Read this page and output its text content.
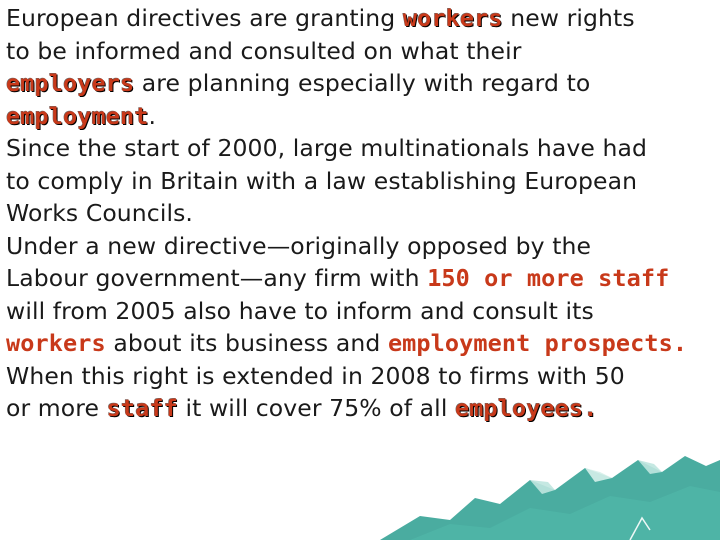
European directives are granting workers new rights
to be informed and consulted on what their
employers are planning especially with regard to
employment.
Since the start of 2000, large multinationals have had
to comply in Britain with a law establishing European
Works Councils.
Under a new directive—originally opposed by the
Labour government—any firm with 150 or more staff
will from 2005 also have to inform and consult its
workers about its business and employment prospects.
When this right is extended in 2008 to firms with 50
or more staff it will cover 75% of all employees.
